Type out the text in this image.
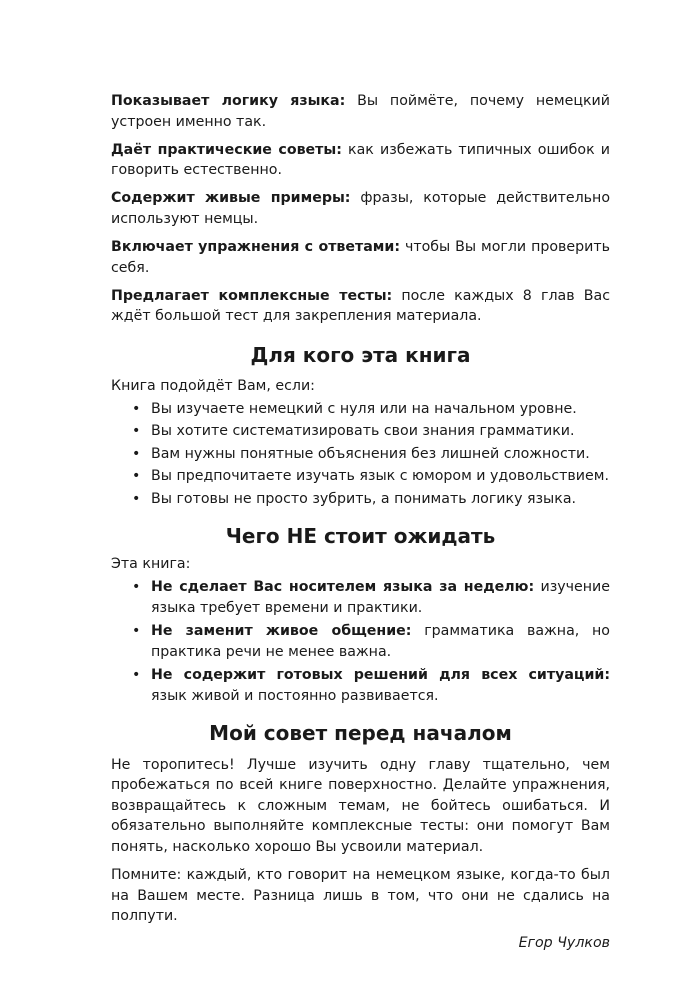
Показывает логику языка: Вы поймёте, почему немецкий устроен именно так.

Даёт практические советы: как избежать типичных ошибок и говорить естественно.

Содержит живые примеры: фразы, которые действительно используют немцы.

Включает упражнения с ответами: чтобы Вы могли проверить себя.

Предлагает комплексные тесты: после каждых 8 глав Вас ждёт большой тест для закрепления материала.

Для кого эта книга

Книга подойдёт Вам, если:

• Вы изучаете немецкий с нуля или на начальном уровне.
• Вы хотите систематизировать свои знания грамматики.
• Вам нужны понятные объяснения без лишней сложности.
• Вы предпочитаете изучать язык с юмором и удовольствием.
• Вы готовы не просто зубрить, а понимать логику языка.
Чего НЕ стоит ожидать

Эта книга:

• Не сделает Вас носителем языка за неделю: изучение языка требует времени и практики.
• Не заменит живое общение: грамматика важна, но практика речи не менее важна.
• Не содержит готовых решений для всех ситуаций: язык живой и постоянно развивается.
Мой совет перед началом

Не торопитесь! Лучше изучить одну главу тщательно, чем пробежаться по всей книге поверхностно. Делайте упражнения, возвращайтесь к сложным темам, не бойтесь ошибаться. И обязательно выполняйте комплексные тесты: они помогут Вам понять, насколько хорошо Вы усвоили материал.

Помните: каждый, кто говорит на немецком языке, когда-то был на Вашем месте. Разница лишь в том, что они не сдались на полпути.

Егор Чулков
